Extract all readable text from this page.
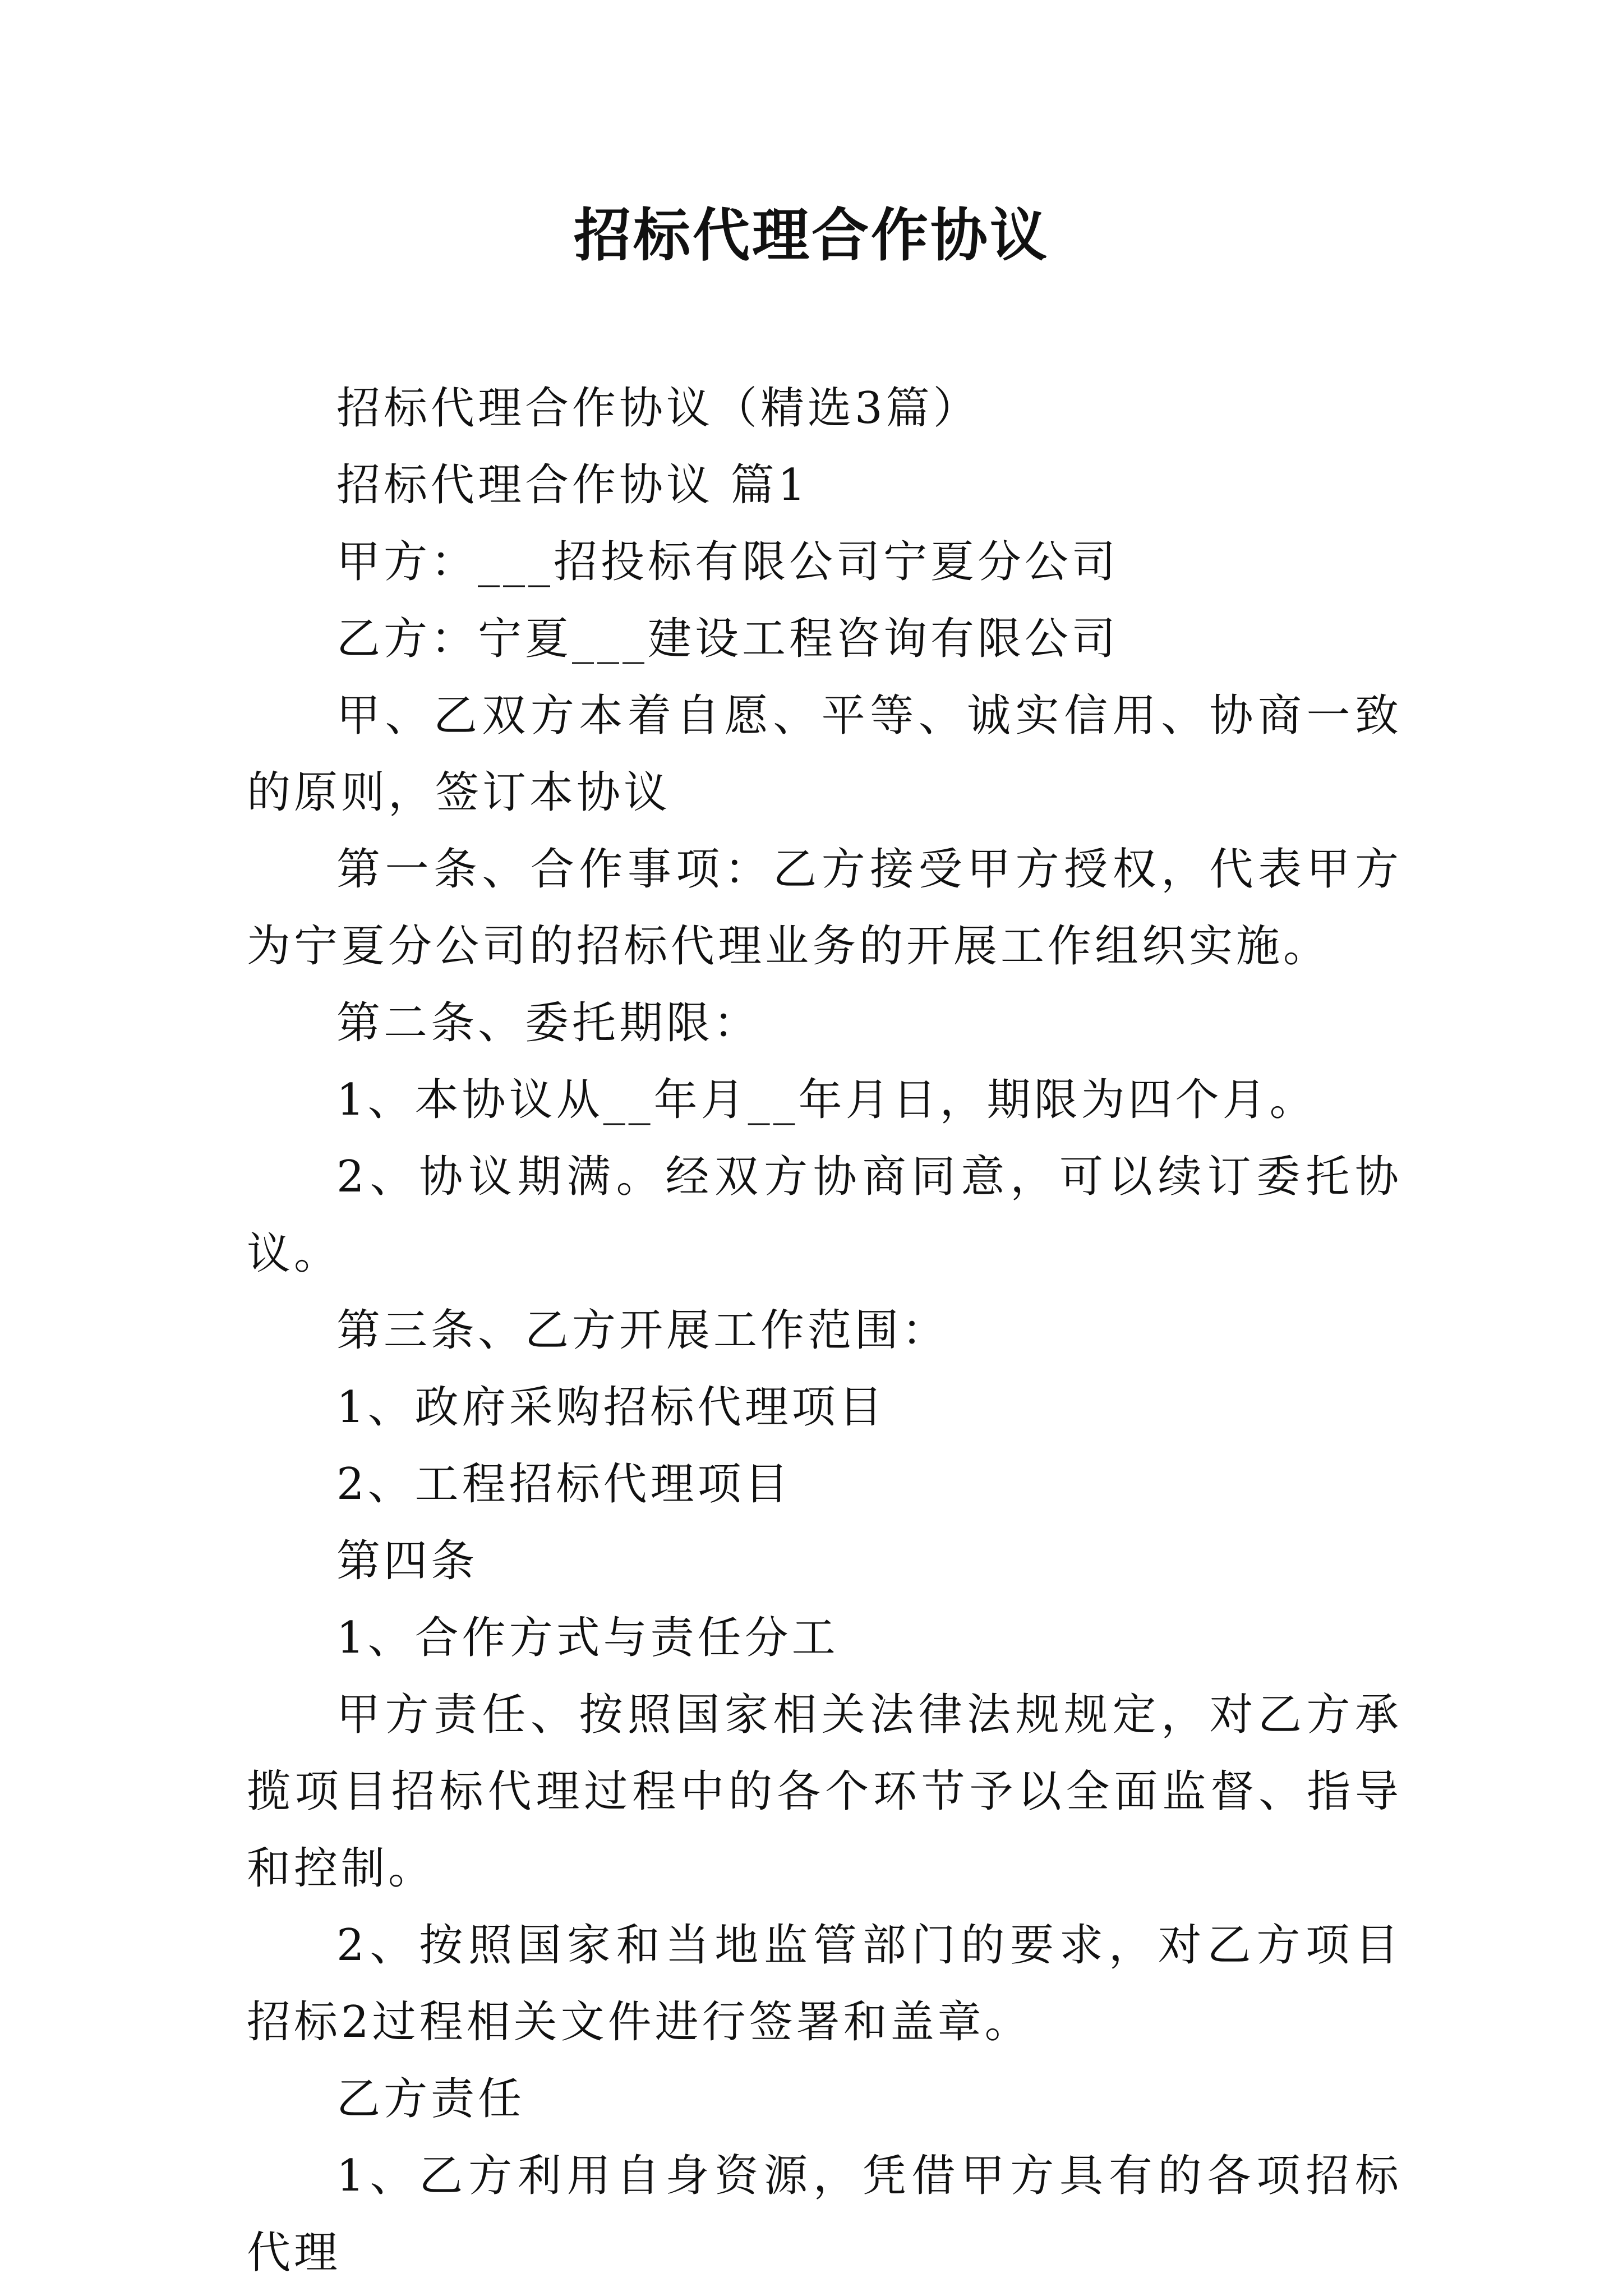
招标代理合作协议

招标代理合作协议（精选3篇）

招标代理合作协议 篇1

甲方：___招投标有限公司宁夏分公司

乙方：宁夏___建设工程咨询有限公司

甲、乙双方本着自愿、平等、诚实信用、协商一致的原则，签订本协议

第一条、合作事项：乙方接受甲方授权，代表甲方为宁夏分公司的招标代理业务的开展工作组织实施。

第二条、委托期限：

1、本协议从__年月__年月日，期限为四个月。

2、协议期满。经双方协商同意，可以续订委托协议。

第三条、乙方开展工作范围：

1、政府采购招标代理项目

2、工程招标代理项目

第四条

1、合作方式与责任分工

甲方责任、按照国家相关法律法规规定，对乙方承揽项目招标代理过程中的各个环节予以全面监督、指导和控制。

2、按照国家和当地监管部门的要求，对乙方项目招标2过程相关文件进行签署和盖章。

乙方责任

1、乙方利用自身资源，凭借甲方具有的各项招标代理
